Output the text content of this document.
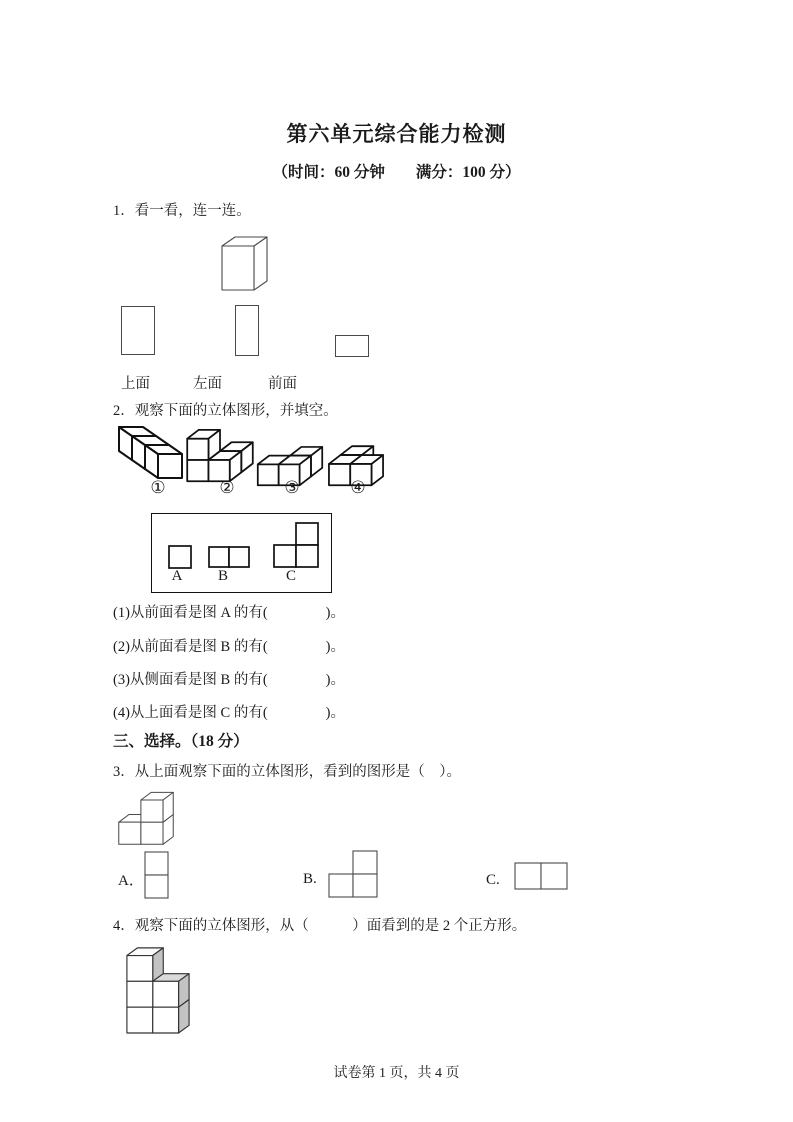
第六单元综合能力检测
（时间：60 分钟　　满分：100 分）
1．看一看，连一连。
上面	左面	前面
2．观察下面的立体图形，并填空。
①	②	③	④
A	B	C
(1)从前面看是图 A 的有(　　　　)。
(2)从前面看是图 B 的有(　　　　)。
(3)从侧面看是图 B 的有(　　　　)。
(4)从上面看是图 C 的有(　　　　)。
三、选择。（18 分）
3．从上面观察下面的立体图形，看到的图形是（　）。
A．	B.	C.
4．观察下面的立体图形，从（　　　）面看到的是 2 个正方形。
试卷第 1 页，共 4 页
